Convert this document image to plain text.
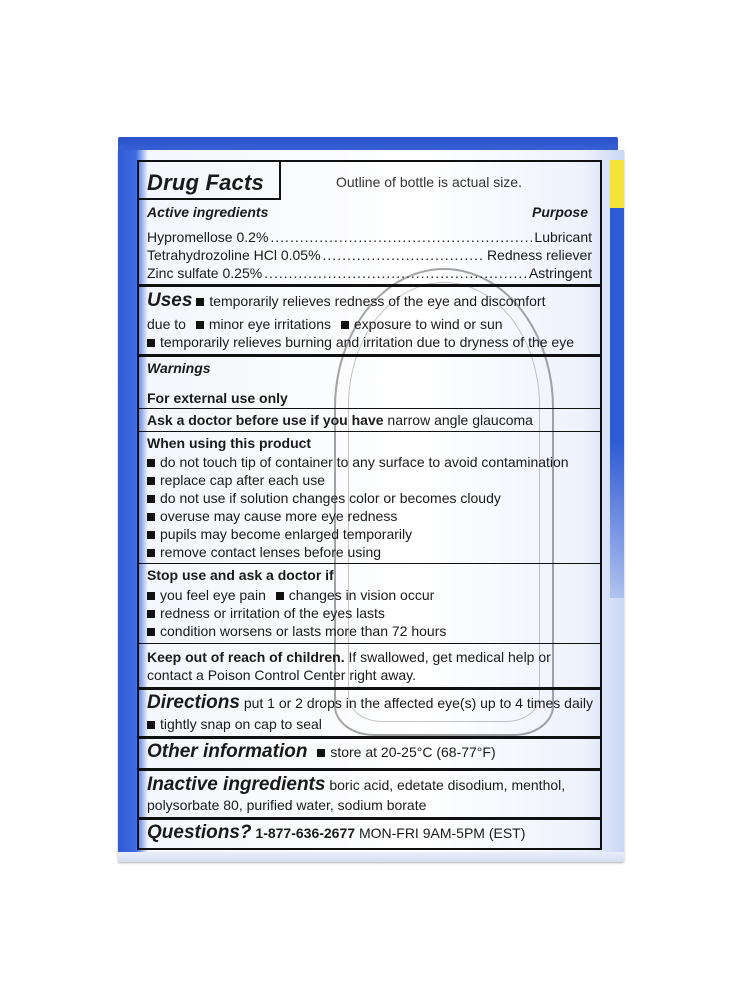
Drug Facts	Outline of bottle is actual size.
Active ingredients	Purpose
Hypromellose 0.2% .....	Lubricant
Tetrahydrozoline HCl 0.05% .....	Redness reliever
Zinc sulfate 0.25% .....	Astringent
Uses temporarily relieves redness of the eye and discomfort
due to minor eye irritations exposure to wind or sun
temporarily relieves burning and irritation due to dryness of the eye
Warnings
For external use only
Ask a doctor before use if you have narrow angle glaucoma
When using this product
do not touch tip of container to any surface to avoid contamination
replace cap after each use
do not use if solution changes color or becomes cloudy
overuse may cause more eye redness
pupils may become enlarged temporarily
remove contact lenses before using
Stop use and ask a doctor if
you feel eye pain changes in vision occur
redness or irritation of the eyes lasts
condition worsens or lasts more than 72 hours
Keep out of reach of children. If swallowed, get medical help or
contact a Poison Control Center right away.
Directions put 1 or 2 drops in the affected eye(s) up to 4 times daily
tightly snap on cap to seal
Other information store at 20-25°C (68-77°F)
Inactive ingredients boric acid, edetate disodium, menthol,
polysorbate 80, purified water, sodium borate
Questions? 1-877-636-2677 MON-FRI 9AM-5PM (EST)
